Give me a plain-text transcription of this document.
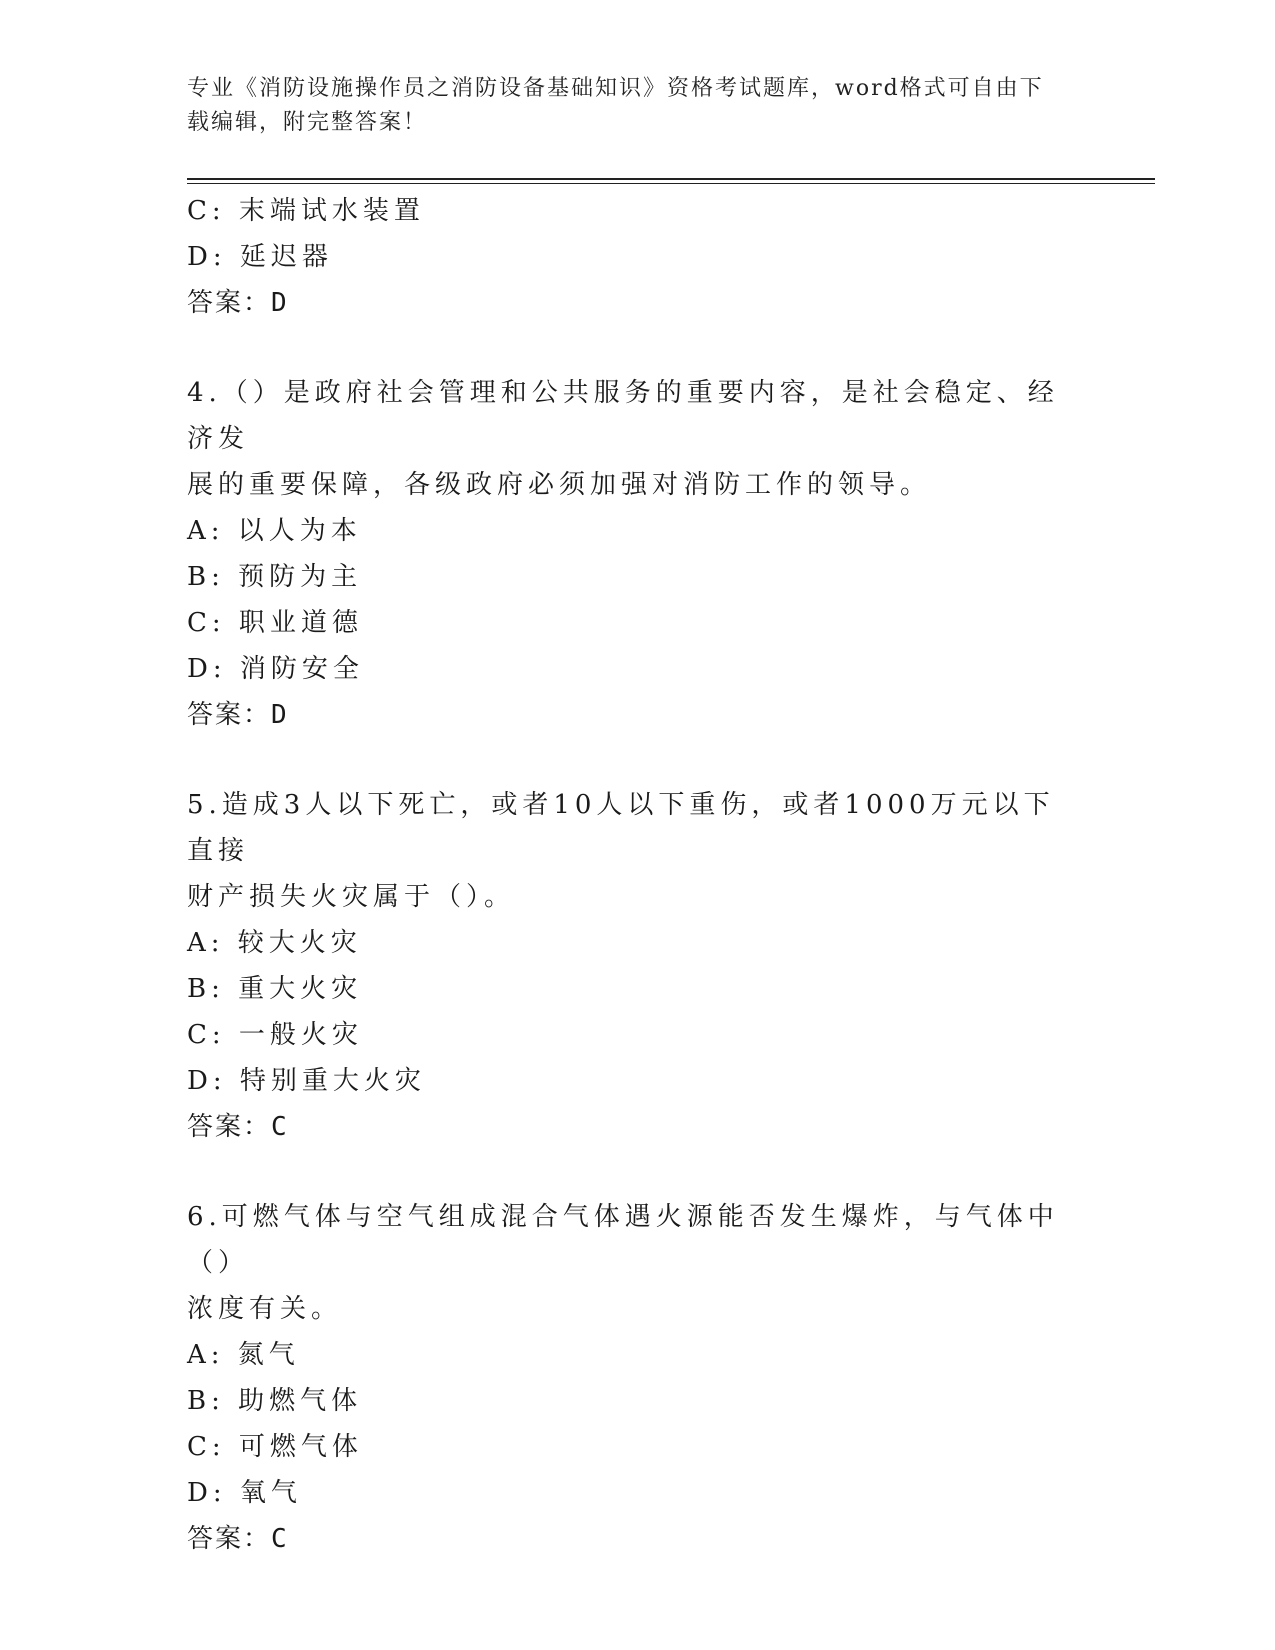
专业《消防设施操作员之消防设备基础知识》资格考试题库，word格式可自由下
载编辑，附完整答案！
C: 末端试水装置
D: 延迟器
答案：D
4.（）是政府社会管理和公共服务的重要内容，是社会稳定、经济发
展的重要保障，各级政府必须加强对消防工作的领导。
A: 以人为本
B: 预防为主
C: 职业道德
D: 消防安全
答案：D
5.造成3人以下死亡，或者10人以下重伤，或者1000万元以下直接
财产损失火灾属于（）。
A: 较大火灾
B: 重大火灾
C: 一般火灾
D: 特别重大火灾
答案：C
6.可燃气体与空气组成混合气体遇火源能否发生爆炸，与气体中（）
浓度有关。
A: 氮气
B: 助燃气体
C: 可燃气体
D: 氧气
答案：C
